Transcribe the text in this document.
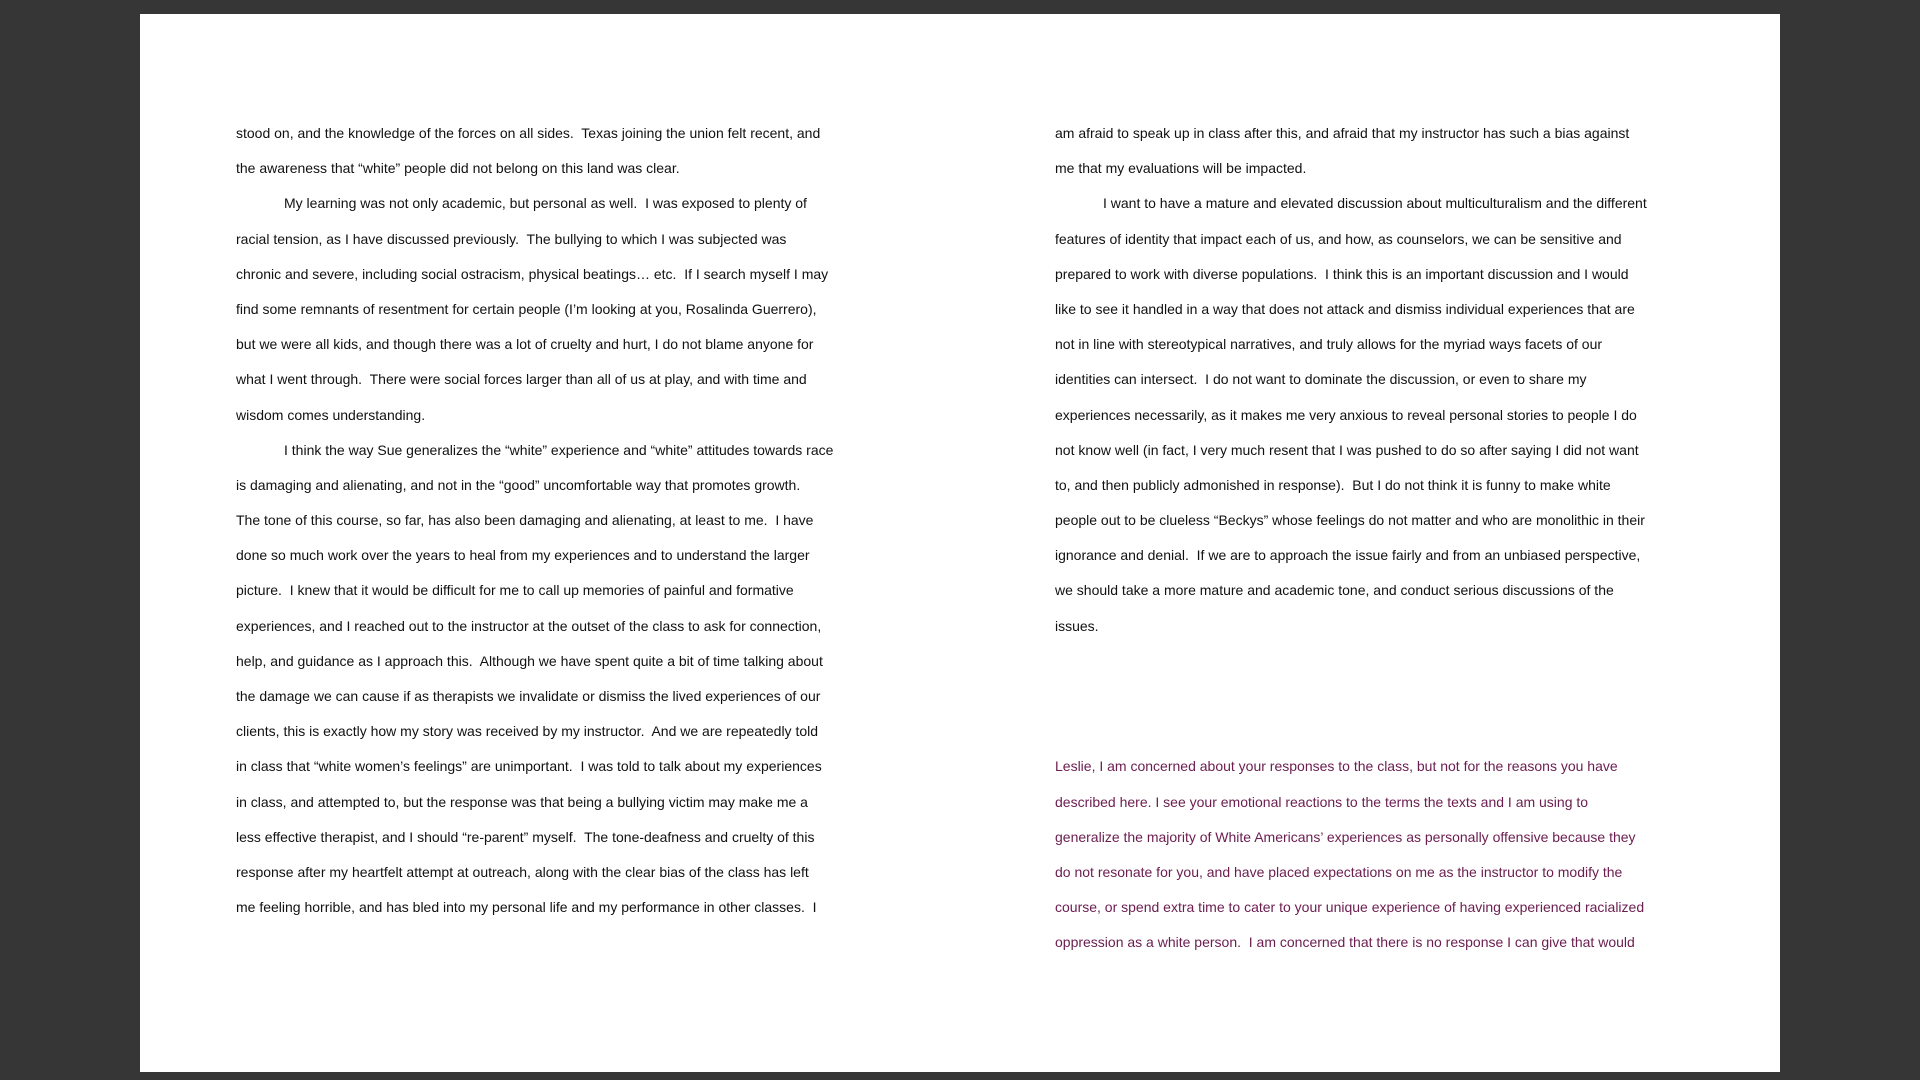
stood on, and the knowledge of the forces on all sides.  Texas joining the union felt recent, and
the awareness that “white” people did not belong on this land was clear.
My learning was not only academic, but personal as well.  I was exposed to plenty of
racial tension, as I have discussed previously.  The bullying to which I was subjected was
chronic and severe, including social ostracism, physical beatings… etc.  If I search myself I may
find some remnants of resentment for certain people (I’m looking at you, Rosalinda Guerrero),
but we were all kids, and though there was a lot of cruelty and hurt, I do not blame anyone for
what I went through.  There were social forces larger than all of us at play, and with time and
wisdom comes understanding.
I think the way Sue generalizes the “white” experience and “white” attitudes towards race
is damaging and alienating, and not in the “good” uncomfortable way that promotes growth.
The tone of this course, so far, has also been damaging and alienating, at least to me.  I have
done so much work over the years to heal from my experiences and to understand the larger
picture.  I knew that it would be difficult for me to call up memories of painful and formative
experiences, and I reached out to the instructor at the outset of the class to ask for connection,
help, and guidance as I approach this.  Although we have spent quite a bit of time talking about
the damage we can cause if as therapists we invalidate or dismiss the lived experiences of our
clients, this is exactly how my story was received by my instructor.  And we are repeatedly told
in class that “white women’s feelings” are unimportant.  I was told to talk about my experiences
in class, and attempted to, but the response was that being a bullying victim may make me a
less effective therapist, and I should “re-parent” myself.  The tone-deafness and cruelty of this
response after my heartfelt attempt at outreach, along with the clear bias of the class has left
me feeling horrible, and has bled into my personal life and my performance in other classes.  I
am afraid to speak up in class after this, and afraid that my instructor has such a bias against
me that my evaluations will be impacted.
I want to have a mature and elevated discussion about multiculturalism and the different
features of identity that impact each of us, and how, as counselors, we can be sensitive and
prepared to work with diverse populations.  I think this is an important discussion and I would
like to see it handled in a way that does not attack and dismiss individual experiences that are
not in line with stereotypical narratives, and truly allows for the myriad ways facets of our
identities can intersect.  I do not want to dominate the discussion, or even to share my
experiences necessarily, as it makes me very anxious to reveal personal stories to people I do
not know well (in fact, I very much resent that I was pushed to do so after saying I did not want
to, and then publicly admonished in response).  But I do not think it is funny to make white
people out to be clueless “Beckys” whose feelings do not matter and who are monolithic in their
ignorance and denial.  If we are to approach the issue fairly and from an unbiased perspective,
we should take a more mature and academic tone, and conduct serious discussions of the
issues.
Leslie, I am concerned about your responses to the class, but not for the reasons you have
described here. I see your emotional reactions to the terms the texts and I am using to
generalize the majority of White Americans’ experiences as personally offensive because they
do not resonate for you, and have placed expectations on me as the instructor to modify the
course, or spend extra time to cater to your unique experience of having experienced racialized
oppression as a white person.  I am concerned that there is no response I can give that would
